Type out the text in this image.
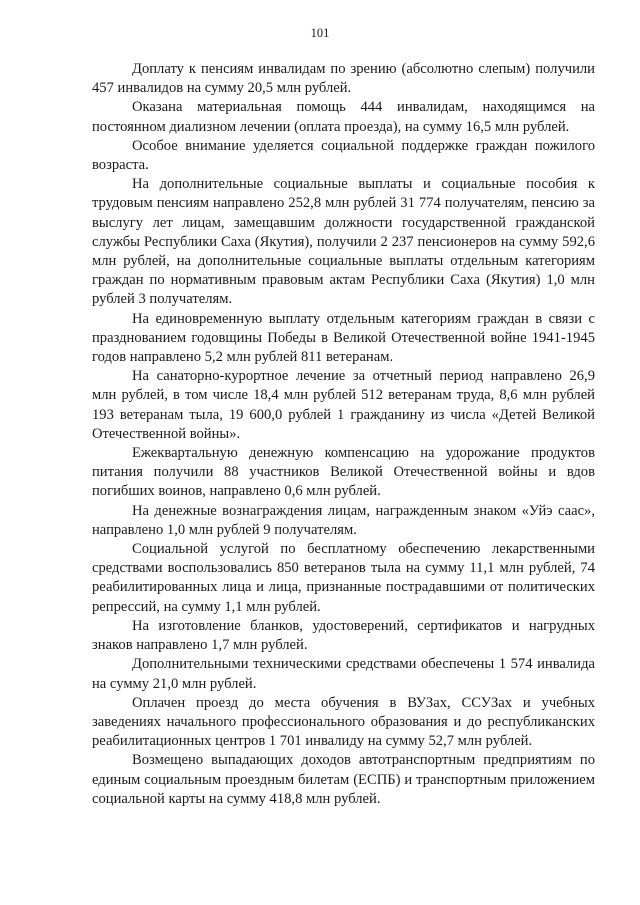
101

Доплату к пенсиям инвалидам по зрению (абсолютно слепым) получили 457 инвалидов на сумму 20,5 млн рублей.

Оказана материальная помощь 444 инвалидам, находящимся на постоянном диализном лечении (оплата проезда), на сумму 16,5 млн рублей.

Особое внимание уделяется социальной поддержке граждан пожилого возраста.

На дополнительные социальные выплаты и социальные пособия к трудовым пенсиям направлено 252,8 млн рублей 31 774 получателям, пенсию за выслугу лет лицам, замещавшим должности государственной гражданской службы Республики Саха (Якутия), получили 2 237 пенсионеров на сумму 592,6 млн рублей, на дополнительные социальные выплаты отдельным категориям граждан по нормативным правовым актам Республики Саха (Якутия) 1,0 млн рублей 3 получателям.

На единовременную выплату отдельным категориям граждан в связи с празднованием годовщины Победы в Великой Отечественной войне 1941-1945 годов направлено 5,2 млн рублей 811 ветеранам.

На санаторно-курортное лечение за отчетный период направлено 26,9 млн рублей, в том числе 18,4 млн рублей 512 ветеранам труда, 8,6 млн рублей 193 ветеранам тыла, 19 600,0 рублей 1 гражданину из числа «Детей Великой Отечественной войны».

Ежеквартальную денежную компенсацию на удорожание продуктов питания получили 88 участников Великой Отечественной войны и вдов погибших воинов, направлено 0,6 млн рублей.

На денежные вознаграждения лицам, награжденным знаком «Уйэ саас», направлено 1,0 млн рублей 9 получателям.

Социальной услугой по бесплатному обеспечению лекарственными средствами воспользовались 850 ветеранов тыла на сумму 11,1 млн рублей, 74 реабилитированных лица и лица, признанные пострадавшими от политических репрессий, на сумму 1,1 млн рублей.

На изготовление бланков, удостоверений, сертификатов и нагрудных знаков направлено 1,7 млн рублей.

Дополнительными техническими средствами обеспечены 1 574 инвалида на сумму 21,0 млн рублей.

Оплачен проезд до места обучения в ВУЗах, ССУЗах и учебных заведениях начального профессионального образования и до республиканских реабилитационных центров 1 701 инвалиду на сумму 52,7 млн рублей.

Возмещено выпадающих доходов автотранспортным предприятиям по единым социальным проездным билетам (ЕСПБ) и транспортным приложением социальной карты на сумму 418,8 млн рублей.
